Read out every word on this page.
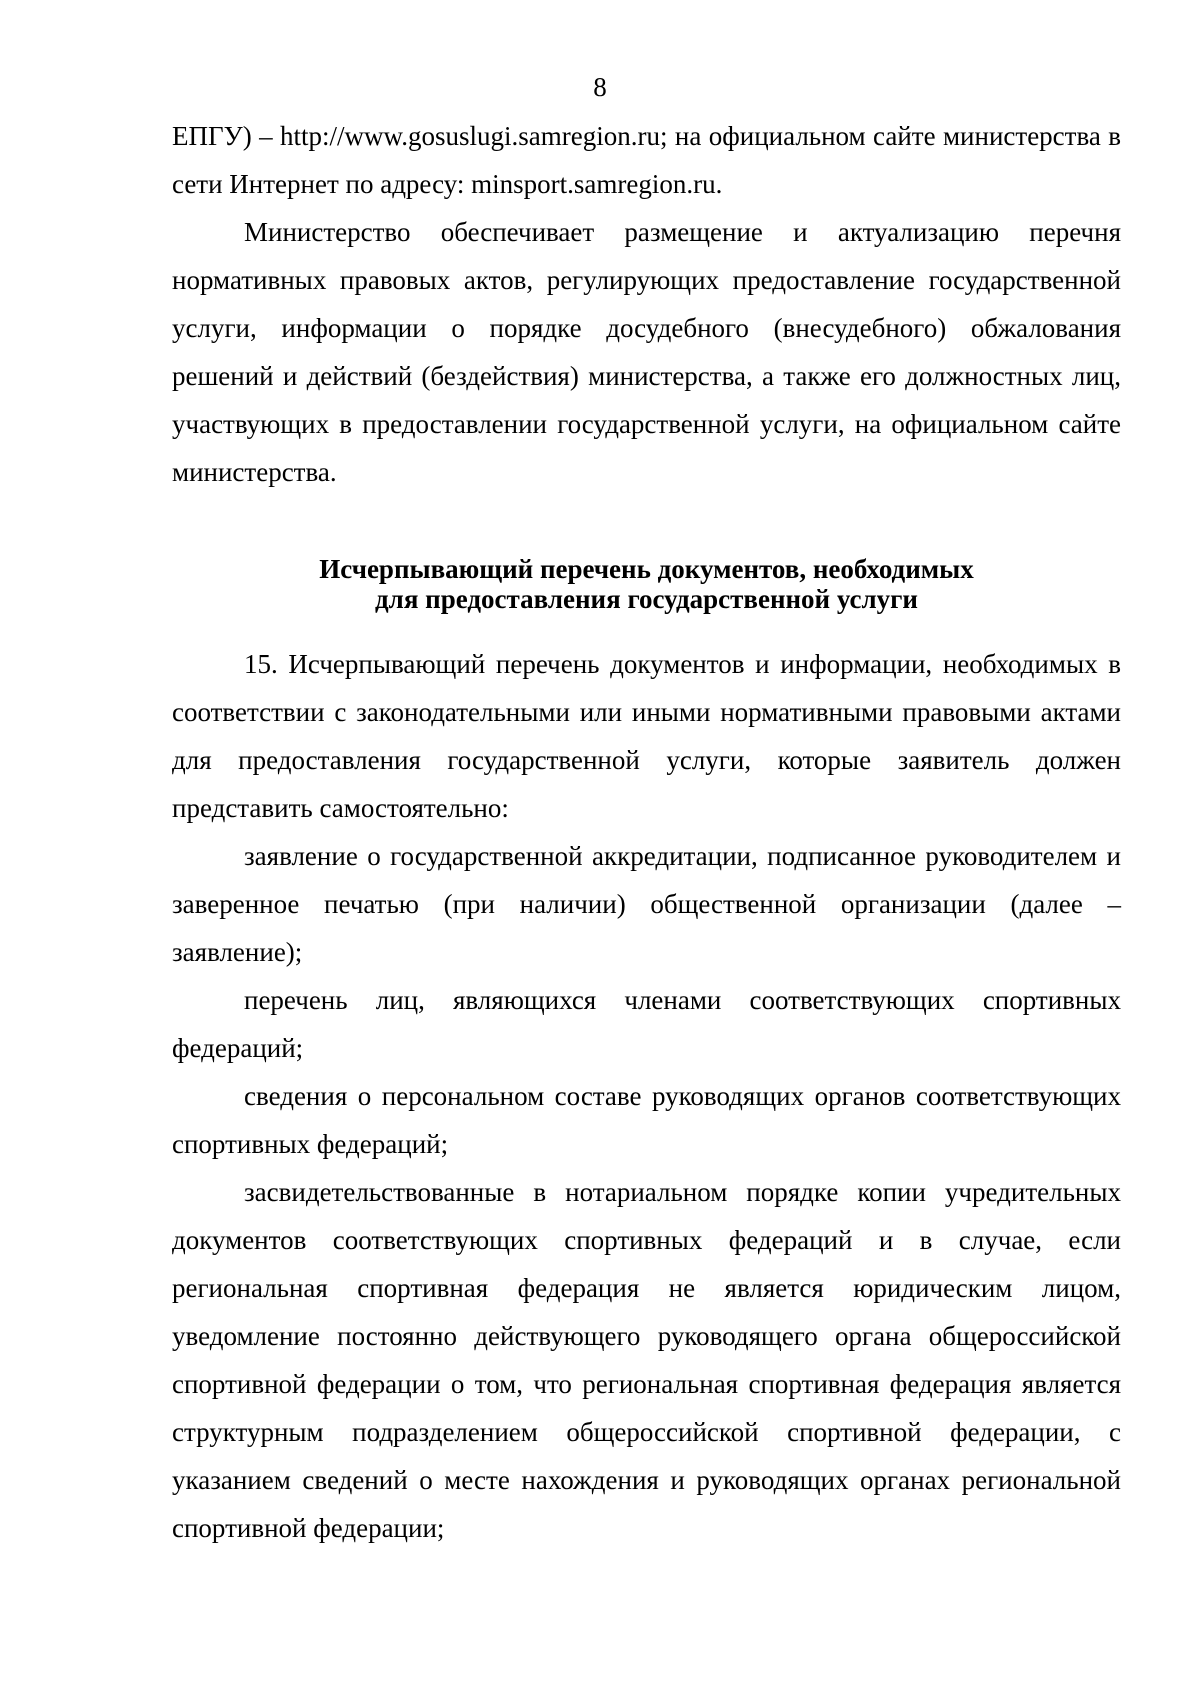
8

ЕПГУ) – http://www.gosuslugi.samregion.ru; на официальном сайте министерства в сети Интернет по адресу: minsport.samregion.ru.

Министерство обеспечивает размещение и актуализацию перечня нормативных правовых актов, регулирующих предоставление государственной услуги, информации о порядке досудебного (внесудебного) обжалования решений и действий (бездействия) министерства, а также его должностных лиц, участвующих в предоставлении государственной услуги, на официальном сайте министерства.

Исчерпывающий перечень документов, необходимых
для предоставления государственной услуги

15. Исчерпывающий перечень документов и информации, необходимых в соответствии с законодательными или иными нормативными правовыми актами для предоставления государственной услуги, которые заявитель должен представить самостоятельно:

заявление о государственной аккредитации, подписанное руководителем и заверенное печатью (при наличии) общественной организации (далее – заявление);

перечень лиц, являющихся членами соответствующих спортивных федераций;

сведения о персональном составе руководящих органов соответствующих спортивных федераций;

засвидетельствованные в нотариальном порядке копии учредительных документов соответствующих спортивных федераций и в случае, если региональная спортивная федерация не является юридическим лицом, уведомление постоянно действующего руководящего органа общероссийской спортивной федерации о том, что региональная спортивная федерация является структурным подразделением общероссийской спортивной федерации, с указанием сведений о месте нахождения и руководящих органах региональной спортивной федерации;
